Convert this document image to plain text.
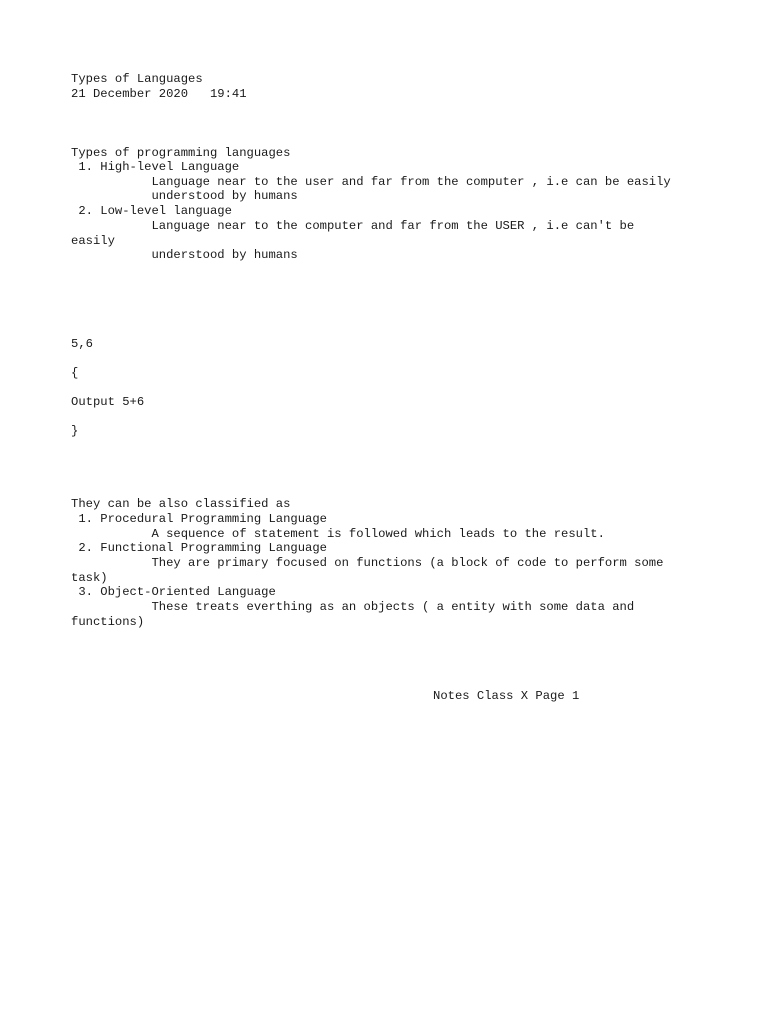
Types of Languages
21 December 2020   19:41
Types of programming languages
1. High-level Language
Language near to the user and far from the computer , i.e can be easily
understood by humans
2. Low-level language
Language near to the computer and far from the USER , i.e can't be
easily
understood by humans
5,6
{
Output 5+6
}
They can be also classified as
1. Procedural Programming Language
A sequence of statement is followed which leads to the result.
2. Functional Programming Language
They are primary focused on functions (a block of code to perform some
task)
3. Object-Oriented Language
These treats everthing as an objects ( a entity with some data and
functions)
Notes Class X Page 1
